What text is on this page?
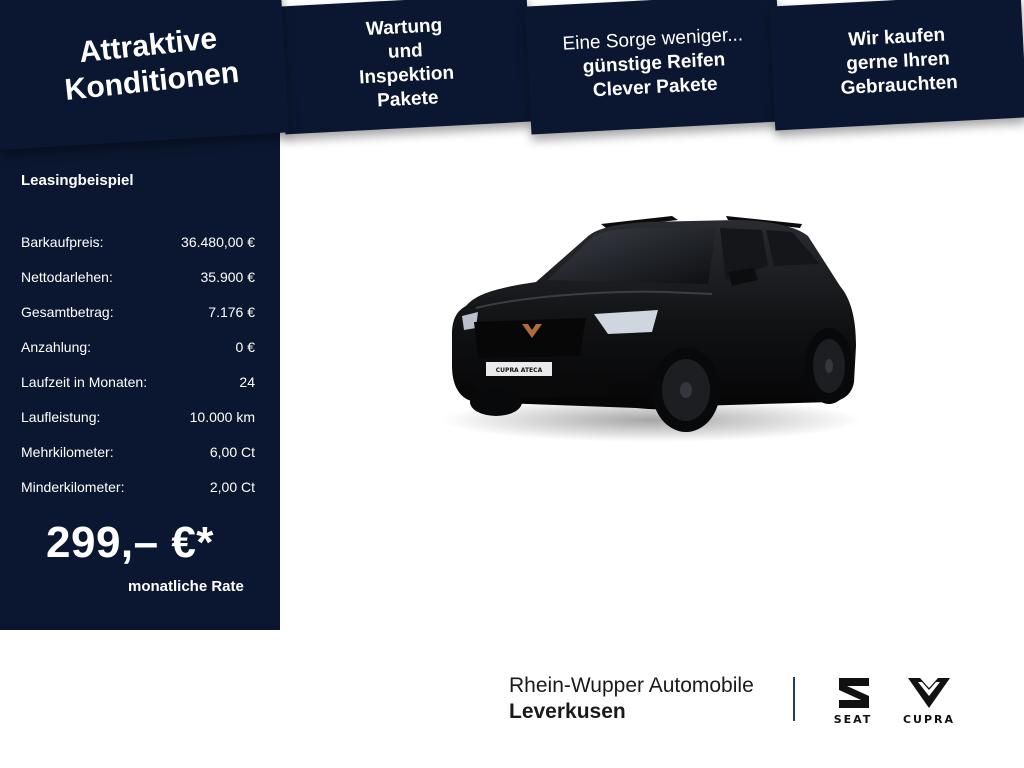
Leasingbeispiel
Barkaufpreis:	36.480,00 €
Nettodarlehen:	35.900 €
Gesamtbetrag:	7.176 €
Anzahlung:	0 €
Laufzeit in Monaten:	24
Laufleistung:	10.000 km
Mehrkilometer:	6,00 Ct
Minderkilometer:	2,00 Ct
299,– €*
monatliche Rate
Attraktive
Konditionen
Wartung
und
Inspektion
Pakete
Eine Sorge weniger...
günstige Reifen
Clever Pakete
Wir kaufen
gerne Ihren
Gebrauchten
CUPRA ATECA
Rhein-Wupper Automobile
Leverkusen	SEAT	CUPRA
